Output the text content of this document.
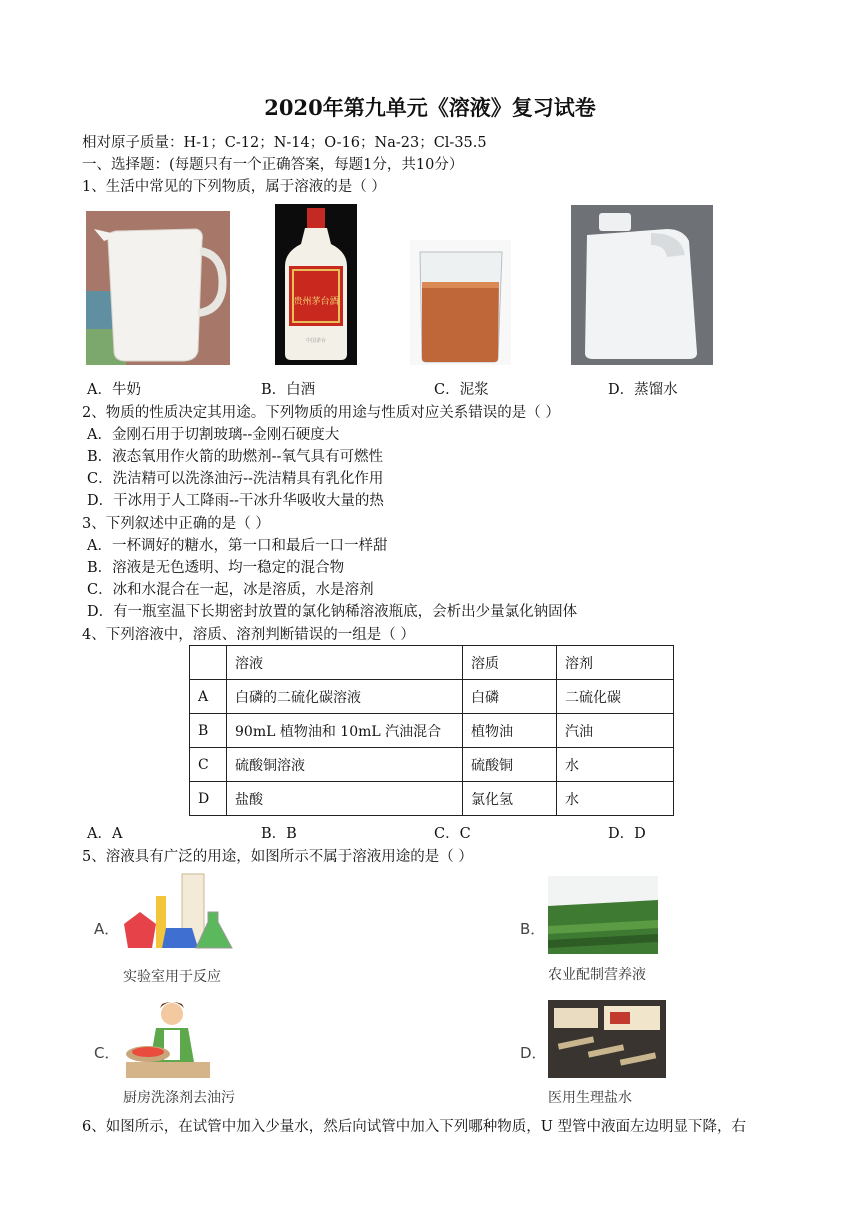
2020年第九单元《溶液》复习试卷
相对原子质量：H-1；C-12；N-14；O-16；Na-23；Cl-35.5
一、选择题：(每题只有一个正确答案，每题1分，共10分）
1、生活中常见的下列物质，属于溶液的是（ ）
贵州茅台酒
中国茅台
A．牛奶	B．白酒	C．泥浆	D．蒸馏水
2、物质的性质决定其用途。下列物质的用途与性质对应关系错误的是（ ）
A．金刚石用于切割玻璃--金刚石硬度大
B．液态氧用作火箭的助燃剂--氧气具有可燃性
C．洗洁精可以洗涤油污--洗洁精具有乳化作用
D．干冰用于人工降雨--干冰升华吸收大量的热
3、下列叙述中正确的是（ ）
A．一杯调好的糖水，第一口和最后一口一样甜
B．溶液是无色透明、均一稳定的混合物
C．冰和水混合在一起，冰是溶质，水是溶剂
D．有一瓶室温下长期密封放置的氯化钠稀溶液瓶底，会析出少量氯化钠固体
4、下列溶液中，溶质、溶剂判断错误的一组是（ ）
	溶液	溶质	溶剂
A	白磷的二硫化碳溶液	白磷	二硫化碳
B	90mL 植物油和 10mL 汽油混合	植物油	汽油
C	硫酸铜溶液	硫酸铜	水
D	盐酸	氯化氢	水
A．A	B．B	C．C	D．D
5、溶液具有广泛的用途，如图所示不属于溶液用途的是（ ）
A．
实验室用于反应
B．
农业配制营养液
C．
厨房洗涤剂去油污
D．
医用生理盐水
6、如图所示，在试管中加入少量水，然后向试管中加入下列哪种物质，U 型管中液面左边明显下降，右
